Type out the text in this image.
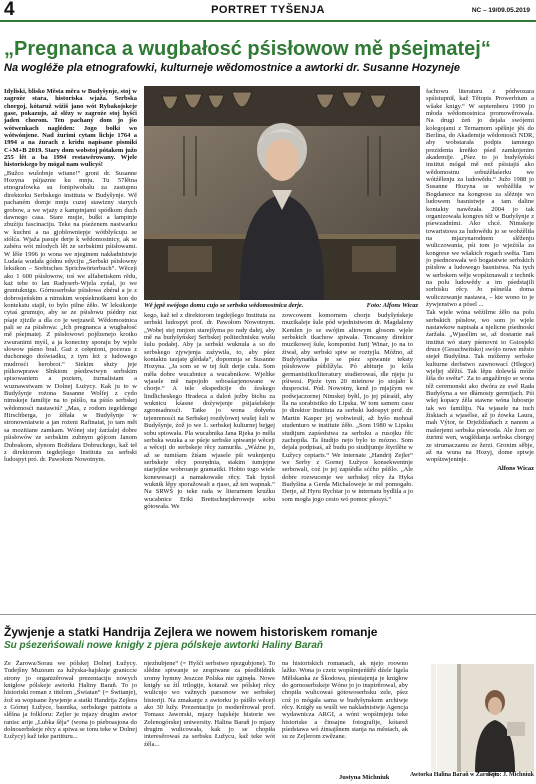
4	PORTRET TYŠENJA	NC – 19/09.05.2019
„Pregnanca a wugbałosć pśisłowow mě pśejmatej“
Na wogléže pla etnografowki, kulturneje wědomostnice a awtorki dr. Susanne Hozyneje

Idyliski, blisko Města měra w Budyšynje, stoj w zagroźe stara, historiska wjaža. Serbska chorgoj, kótaruž wiźiš jano wót Rybakojskeje gase, pokazujo, až slězy w zagroźe stoj hyšći jaden chorom. Ten pachaný dom jo jšo wótwenkach nagléden: Jogo bołki wo wótwónjene. Nad źurimi cytam lichje 1764 a 1994 a na źurach z kridu napisane pismiki C+M+B 2019. Stary dom wobstoj pótakem južo 255 lět a ba 1994 restawěrowany. Wjele historiskego by mógał nam wulicyś!

„Bužco wušobnje witane!“ groni dr. Susanne Hozyna pśijaznie ku mnju. Tu 57lětna etnografowka su fonipiwobalu za zastupnu direktorku Serbskego instituta w Budyšynje. Wě pachaném domje mnju cuzej stawizny starych grobow, a we wjaży z kampinjami spódkom duch dawnego casa. Stare mujie, bułki a lampinje zbuźiju fascinaciju. Teke na pśeźenem nastwarku w kuchni a na gjoblowniepje wótbłyšcuju se stólća. Wjaža pasuje derje k wědomostnicy, ak se zabéra wót mlodych lět ze serbskimi pśisłowami. W lěše 1996 jo wona we njeginem nakładnistwje Ludaśa wudała gódnu edyciju „Serbski pśisłowny leksikon – Sorbisches Sprichwörterbuch“. Wěceji ako 1 600 pśisłowow, toś we alfabetiskem rědu, każ tebe to lan Radyserb-Wjela zyńal, jo we gruntuknigu. Górnoserbske pśisłowa zbérał a je z dobrosjeńskim a nimskim wopśeknotkami kon do kontekstu stajił, to bylo pilne źěło. W leksikonje cytaś grumujo, aby se ze pśisłowu pśédny raz pśaje zjizile a dla co je wejzawił. Wědomostnica pali se za pśisłowa: „Ich pregnanca a wugbałosć mě pśejmatej. Z pśisłowowi pojězenejo krotko zwuranimi myśl, a ja koneciny sporaju by wjele słowow pśeno brał. Gaż z cełęnioni, pocerau z duchonego doświadku, z tym leż z ludowego mudrosći herobrot.“ Siekim służy jeje pśikowprawe Słnkiom pśedzwiwyn serbskim spisowaniem a poztem, żurnalistam a wuznawstwam w Dolnej Łużycy. Kak ju to w Budyšynje rożona Susanne Wolfej z cydo nimskeje familije na to pśiślo, na pśiśo serbskej wědomosći nastawiú? „Mas, z rodom tegeldenge Hirschberga, jo źěłała w Budyšynje w stronowniatwie a jan rożeni Rafinaiat, jo tam mět sa mozitiane zamkam. Wónej stej źarźalej dobre pśisłowów ze serbskim zubnym gójcom Janom Dubrakom, słynom Božidara Dobruckego, kaž teł z direktorom tegdejšego Instituta za serbski ludospyt pró. dr. Pawołom Nowotnym.

Wě jępě swójogo domu cujo se serbska wědomostnica derje.	Foto: Alfons Wicaz
kego, kaž teł z direktorom tegdejšego Instituta za serbski ludospyt prof. dr. Pawołom Nowotnym. „Wobej stej mnjom starejšyma po rady dałej, aby mě na budyšyńskej Serbskej politechnisku wušu šulu podałej. Aby ja serbski wuknuła a so do serbskego zjywjenja zaźywiła, to, aby pśez kontaktu taujatę glédała“, dopomnja se Susanne Hozyna. „Ja som se w tej šuli derje cuła. Som měła dobre wucabnice a wucabnikow. Wjelike wjasele mě napojoło soboaśarjenowane w chorje.“ A tele ekspedicije do źeskego lindlicheskego Hradeca a daloń jeźby bichu za wuknicu kśasne doźywjenje pśijaśelskeje zgromadnosći. Tatke jo wona dołyeńa tejenrenosći na Serbskej rozdylowej wušej šuli w Budyšynje, źož jo we 1. serbskej kulturnej bejgej sobu spiowała. Pla wucabnika Jana Rjeka jo měła serbska wuuka a se pśeje serbske spiwanje wěceji a wěceji do serbskeje rěcy zamuriła. „Wáźne jo, až se tumiśam žiśam wjasele pśi wuknjenju serbskeje rěcy posrędnia, stakim tumjejne starjejšne wobroanje gramatiki. Hobto togo wiele konewesacji a namakowaše rěcy. Tak bytoš wuknik lěpy sporažowali a rjaso, až ten wapnak.“ Na SRWŚ jo teke rada w literarnem kruźku wucabnice Eriki Brettschnejderoweje sobu gótowała. We
zowcowem komornem chorje budyšyńskeje muzikaleje šule pód wjednistwom dr. Magdaleny Kemlen jo se swójim altowym głosom wjele serbskich tkachow spiwała. Tencasny direktor muzikowej šule, komponist Jurij Winar, jo na to źiwał, aby serbski spiw se roztyjla. Móžno, až Budyšynańka je se pśez spiwanie teksty pśisłowow pśiblížyla. Pó abiturje jo kóla germanistiku/literatury studierowaś, dle njeju ju pśiwesi. Pjeźe tym 20 mietnow jo stojało k dusprocisi. Pód. Nowotny, kenž jo mjajźym we podwjaczornej Nimskej byłil, jo jej pśiraśił, aby lla na sorabistiko do Lipska. W tom samem casu jo direktor Instituta za serbski ludospyt prof. dr. Martin Kasper jej wobwiesił, až byšo mohoał studenturo w institute źěło. „Som 1980 w Lipsku studijum zapśedstwa za serbsku a rusojku řěc zachopiła. Ta študijo nejo bylo to mózno. Som dejala podpisaś, až budu po studijumje štyrilěte w Łužycy ceptaris.“ We internate „Handrij Zejler“ we Serby z Gornej Łužyce konsekwentnje serbowali, coź jo jej zapśědla sććho pśišlo. „Ale dobre rozwucenje we serbskej rěcy ža Hyka Budyšina a Gerda Michaloweje ie mě pomogało. Derje, až Hyru Rychtar jo w internatu bydliła a jo som mogła jogo cesto wó pomoc pšosyś.“

fachowu literaturu z pódwozara spśistupnił, kaž Tětopis Prowerbium a wšake knigy.“ W septemberu 1990 jo młoda wědomostnica promowěrowała. Na drugi źeń jo dejała swójemi kolegojami z Ternamom spěšnje jěś do Berlina, do Akademije wědomosći NDR, aby wobstarała podpis tamnego prezidenta kreňko pśed zamknjenim akademije. „Pśez to jo budyšyński institut mógał mě než pśistajiś ako wědomostnu sobuźěłaśerku we wótźělenju za ludowědu.“ Južo 1988 jo Susanne Hozyna se wobźěliła w Bogdanece na kongresu za slěżnje wo ludowem basnistwje a tam daline kontakty nawězała. 2004 jo tak organizowała kongres též w Budyšynje z pśewzadními. Ako chcé. Nimskeje towaristswa za ludowědu jo se wobźěliła na mjazynarodnem slěženju wuliczowania, pśi tom jo wjeźiśla za kongrese we wšakich rogach swěta. Tam jo pśednoswała wó bogatstwie serbskich pśisłow a ludowego basnistwa. Na tych w serbskem wěje wopśiznawali z technik na polu ludowědy a im pśedstajili sorbisku rěcy. Jo pśinešla doma wuliczowanje nastawa, – kte wono to je źywjenstwo a pósel ...

Tak wjele wóna wěźiłrne źěło na polu serbskich pśisłow, wo som jo wjele nastawkow napisała a njelicne pśednoski źaržała. „Wjasélim se, až dostanie naš institut wó stary pśenovni to Gsiosjeki druce (Gesuchwitsko) swójo nowe město stejeł Budyšina. Tak móžemy serbske kulturne derbstwo zawnowací (Hlegce) wjeljej slěžiś. Tak lěpu dolewlá móže šiša do swěta“. Za to angažěrujo se wona též ceremonski ako dwóra ze swě Rada Budyšyna a we dłámosty germijach. Pśi wšej kopacy źěla stawne wóna lubosnje tak wo familiju. Na wjasele na tuch žiskiach a wjasélse, až jo źowka Laura, mah Výtor, te Drježdźaňach z nanom a mašerjemi serbska pśewoda. Ale žom ze źurimi wen, wuglědanja serbska chorgoj ze strumaczamu ze žerzi. Gronim sěbje, až na wuna na Hozyj, dome spiwje wopśiswjeninje.

Alfons Wicaz

Žywjenje a statki Handrija Zejlera we nowem historiskem romanje
Su pśezeńśowali nowe knigły z pjera pólskeje awtorki Haliny Baraň
Ze Žarowa/Sorau we pólskej Dolnej Łužycy. Tudejšny Muzeum za łužyska-hajskuje graniccie strony jo organizěrował prezentaciju nowych knigłow pólskeje awtorki Haliny Baraň. To jo historiski roman z titelom „Światan“ (= Świtanje), źož su wopisane žywjenje a statki Handrija Zejlera z Górnej Łužyce, basnika, serbskego patriota a slěšna ja folkloru: Zejler je mjazy drugim awtor ranisc arije „Lubka šěja“ (wona jo pśeboasjona do dolnoserbskeje rěcy a spiwa se tonu teke w Dolnej Łužycy) kaž teke partituru...
njezhubjene“ (= Hyšći serbstwo njezgubjone). To slědne spiwanje se zespiwane za pśedbildnik sromy hymny Jeszcze Polska nie zginęła. Nowe knigły su źil trilogije, kotaraž we pólskej rěcy wulicujo wo važnych parsonow we serbskej historiji. Na zmakanje z awtorku jo pśišło wěceji ako 30 lužy. Prezentaciju jo moderěrował prof. Tomasz Jaworski, mjazy hajskéje historie we Zelenogórskej uniwersity. Halina Baraň jo mjazy drugim wulicowała, kak jo se chopiła interesěrowaś za serbsku Łužycu, kaž teke wót źěla...
na historiskich romanach, ak njejo roowno lažke. Wona jo czeiz wopśimjeńštřé dźele ligela Mělskanka ze Škodowa, pśestajenja je knigłow do gornoserbskeje Wóno jo jo inspirěrowal, aby chopiła wulicowaś gótowoserbsku zele, pśez coź jo mógała sama w budyšynskem archiwje rěcy. Knigły su wuśli we nakladnistwje Agencja wydawnicza ARGI, a wóni wopśimjeju teke historiske a činsajne fotografije, kótarež pśedstawa wó źinsajšnem stanja na městach, ak su ze Zejlerom zwězane.
Justyna Michniuk	Awtorka Halina Baraň w Žarowje.
Foto: J. Michniuk
